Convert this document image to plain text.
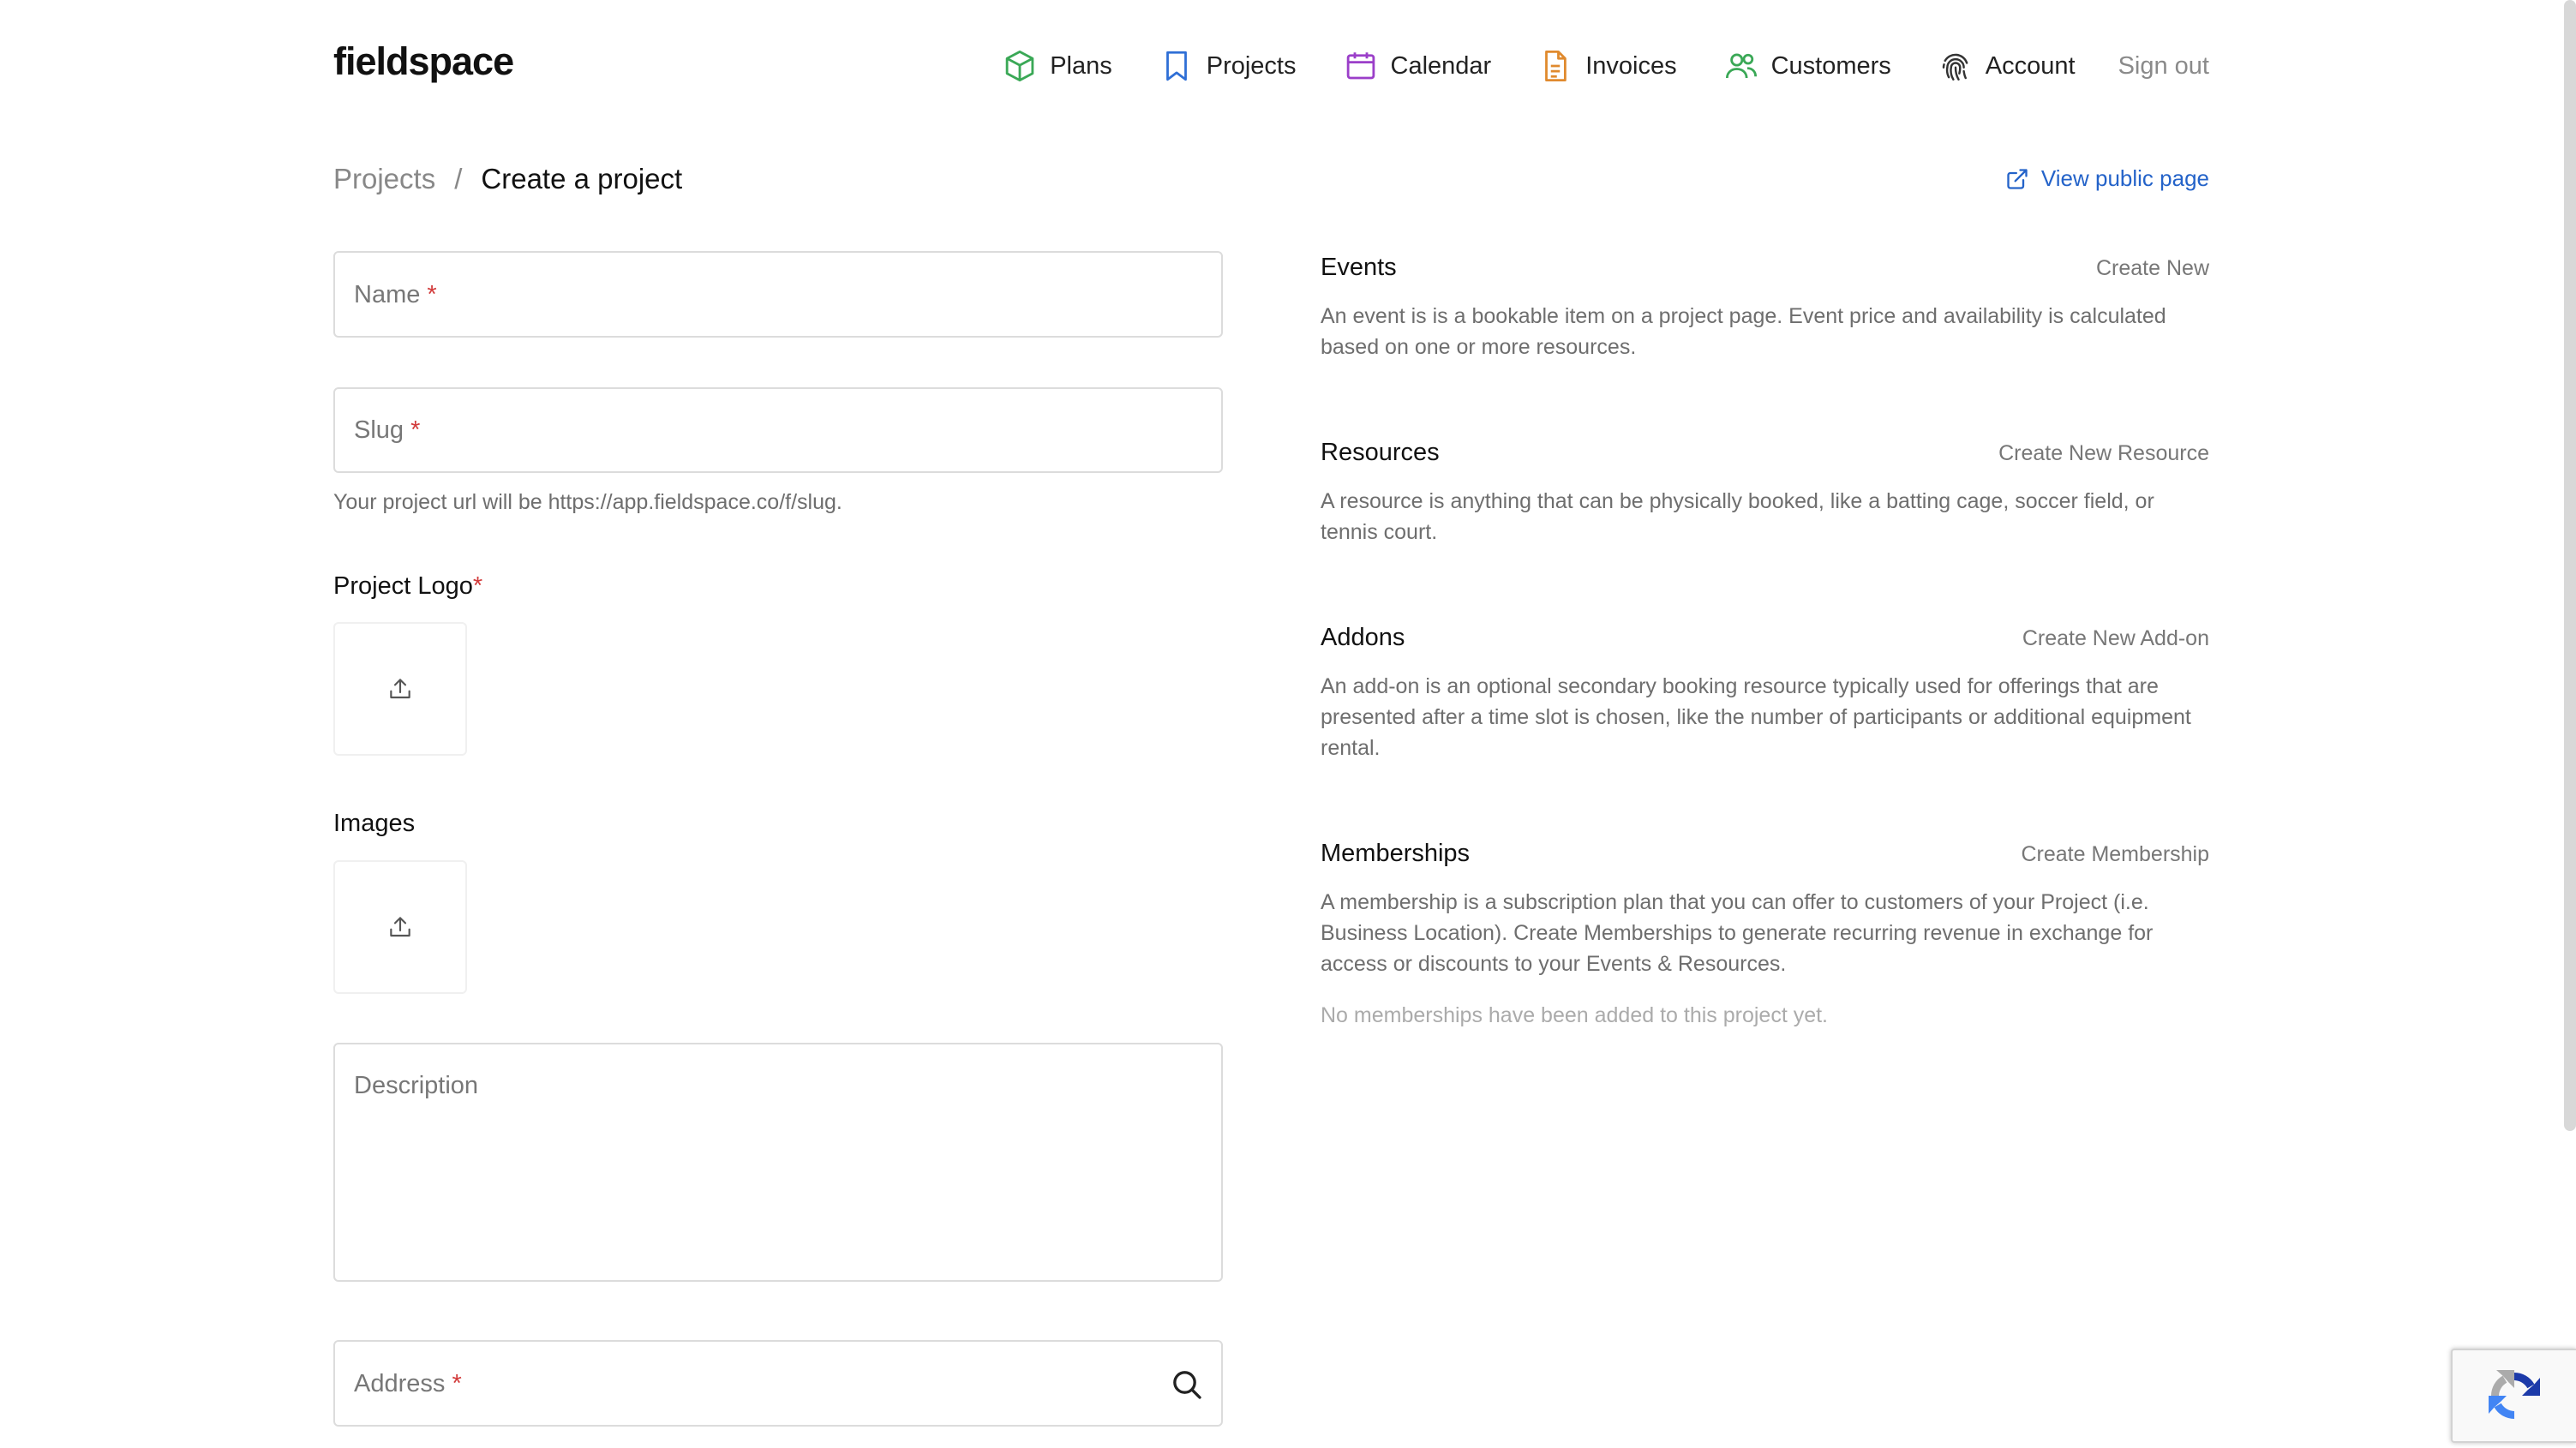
fieldspace	Plans	Projects	Calendar	Invoices	Customers	Account Sign out
Projects / Create a project	View public page
Name *
Slug *
Your project url will be https://app.fieldspace.co/f/slug.
Project Logo*
Images
Description
Address *
Events	Create New
An event is is a bookable item on a project page. Event price and availability is calculated based on one or more resources.
Resources	Create New Resource
A resource is anything that can be physically booked, like a batting cage, soccer field, or tennis court.
Addons	Create New Add-on
An add-on is an optional secondary booking resource typically used for offerings that are presented after a time slot is chosen, like the number of participants or additional equipment rental.
Memberships	Create Membership
A membership is a subscription plan that you can offer to customers of your Project (i.e. Business Location). Create Memberships to generate recurring revenue in exchange for access or discounts to your Events & Resources.
No memberships have been added to this project yet.
